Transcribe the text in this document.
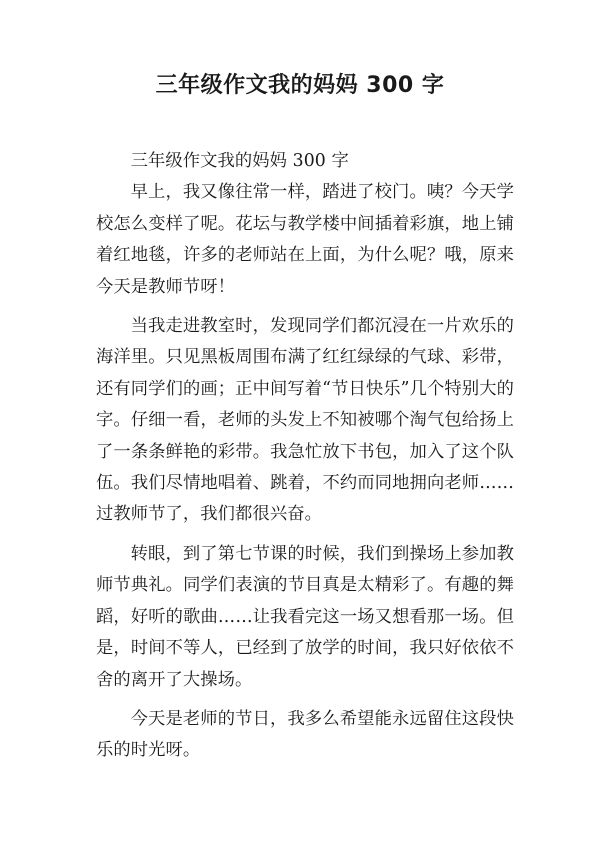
三年级作文我的妈妈 300 字

三年级作文我的妈妈 300 字

早上，我又像往常一样，踏进了校门。咦？今天学校怎么变样了呢。花坛与教学楼中间插着彩旗，地上铺着红地毯，许多的老师站在上面，为什么呢？哦，原来今天是教师节呀！

当我走进教室时，发现同学们都沉浸在一片欢乐的海洋里。只见黑板周围布满了红红绿绿的气球、彩带，还有同学们的画；正中间写着“节日快乐”几个特别大的字。仔细一看，老师的头发上不知被哪个淘气包给扬上了一条条鲜艳的彩带。我急忙放下书包，加入了这个队伍。我们尽情地唱着、跳着，不约而同地拥向老师……过教师节了，我们都很兴奋。

转眼，到了第七节课的时候，我们到操场上参加教师节典礼。同学们表演的节目真是太精彩了。有趣的舞蹈，好听的歌曲……让我看完这一场又想看那一场。但是，时间不等人，已经到了放学的时间，我只好依依不舍的离开了大操场。

今天是老师的节日，我多么希望能永远留住这段快乐的时光呀。
